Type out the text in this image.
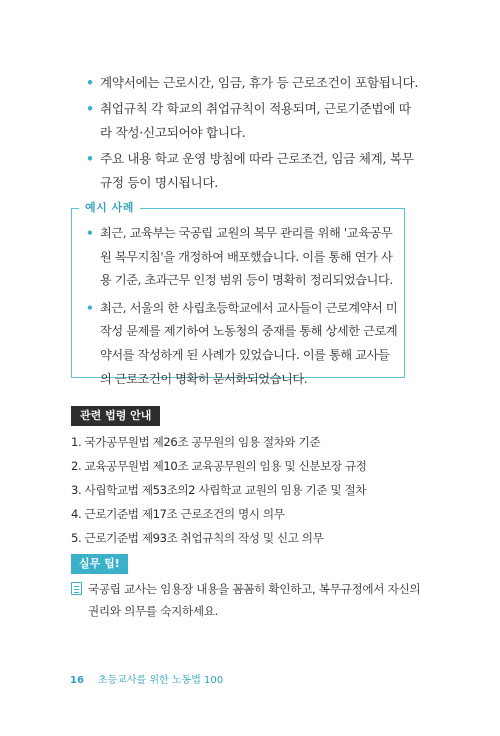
• 계약서에는 근로시간, 임금, 휴가 등 근로조건이 포함됩니다.
• 취업규칙 각 학교의 취업규칙이 적용되며, 근로기준법에 따라 작성·신고되어야 합니다.
• 주요 내용 학교 운영 방침에 따라 근로조건, 임금 체계, 복무 규정 등이 명시됩니다.
예시 사례
• 최근, 교육부는 국공립 교원의 복무 관리를 위해 '교육공무원 복무지침'을 개정하여 배포했습니다. 이를 통해 연가 사용 기준, 초과근무 인정 범위 등이 명확히 정리되었습니다.
• 최근, 서울의 한 사립초등학교에서 교사들이 근로계약서 미작성 문제를 제기하여 노동청의 중재를 통해 상세한 근로계약서를 작성하게 된 사례가 있었습니다. 이를 통해 교사들의 근로조건이 명확히 문서화되었습니다.
관련 법령 안내
1. 국가공무원법 제26조 공무원의 임용 절차와 기준
2. 교육공무원법 제10조 교육공무원의 임용 및 신분보장 규정
3. 사립학교법 제53조의2 사립학교 교원의 임용 기준 및 절차
4. 근로기준법 제17조 근로조건의 명시 의무
5. 근로기준법 제93조 취업규칙의 작성 및 신고 의무
실무 팁!
국공립 교사는 임용장 내용을 꼼꼼히 확인하고, 복무규정에서 자신의 권리와 의무를 숙지하세요.
16 초등교사를 위한 노동법 100
